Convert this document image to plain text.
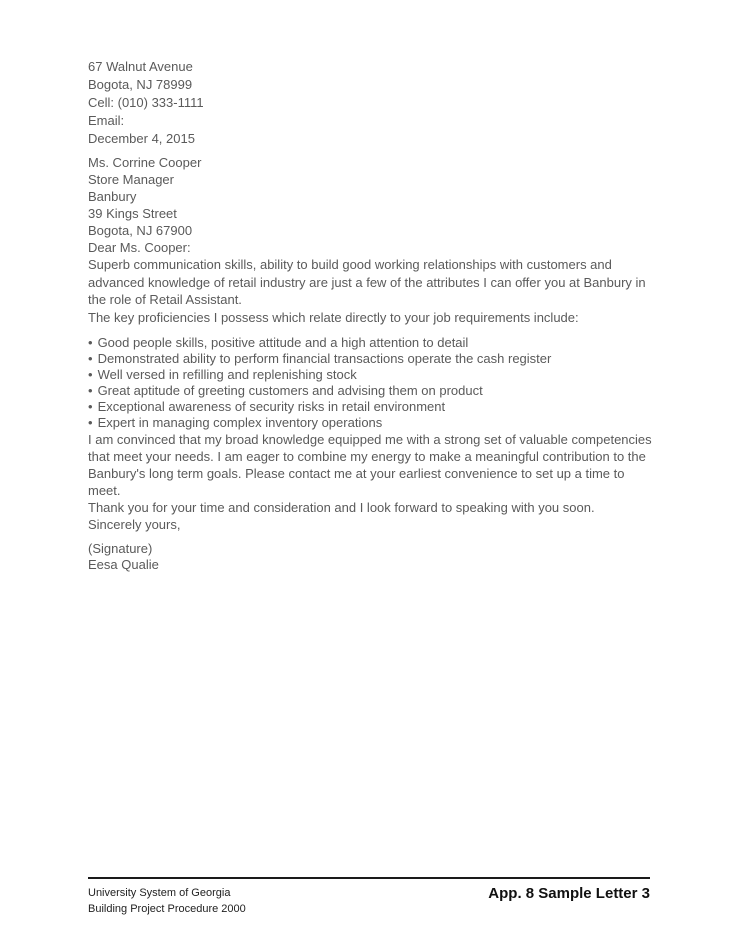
67 Walnut Avenue
Bogota, NJ 78999
Cell: (010) 333-1111
Email:

December 4, 2015

Ms. Corrine Cooper
Store Manager
Banbury
39 Kings Street
Bogota, NJ 67900

Dear Ms. Cooper:

Superb communication skills, ability to build good working relationships with customers and advanced knowledge of retail industry are just a few of the attributes I can offer you at Banbury in the role of Retail Assistant.

The key proficiencies I possess which relate directly to your job requirements include:

• Good people skills, positive attitude and a high attention to detail
• Demonstrated ability to perform financial transactions operate the cash register
• Well versed in refilling and replenishing stock
• Great aptitude of greeting customers and advising them on product
• Exceptional awareness of security risks in retail environment
• Expert in managing complex inventory operations

I am convinced that my broad knowledge equipped me with a strong set of valuable competencies that meet your needs. I am eager to combine my energy to make a meaningful contribution to the Banbury's long term goals. Please contact me at your earliest convenience to set up a time to meet.

Thank you for your time and consideration and I look forward to speaking with you soon.

Sincerely yours,

(Signature)
Eesa Qualie
University System of Georgia
Building Project Procedure 2000
App. 8 Sample Letter 3
